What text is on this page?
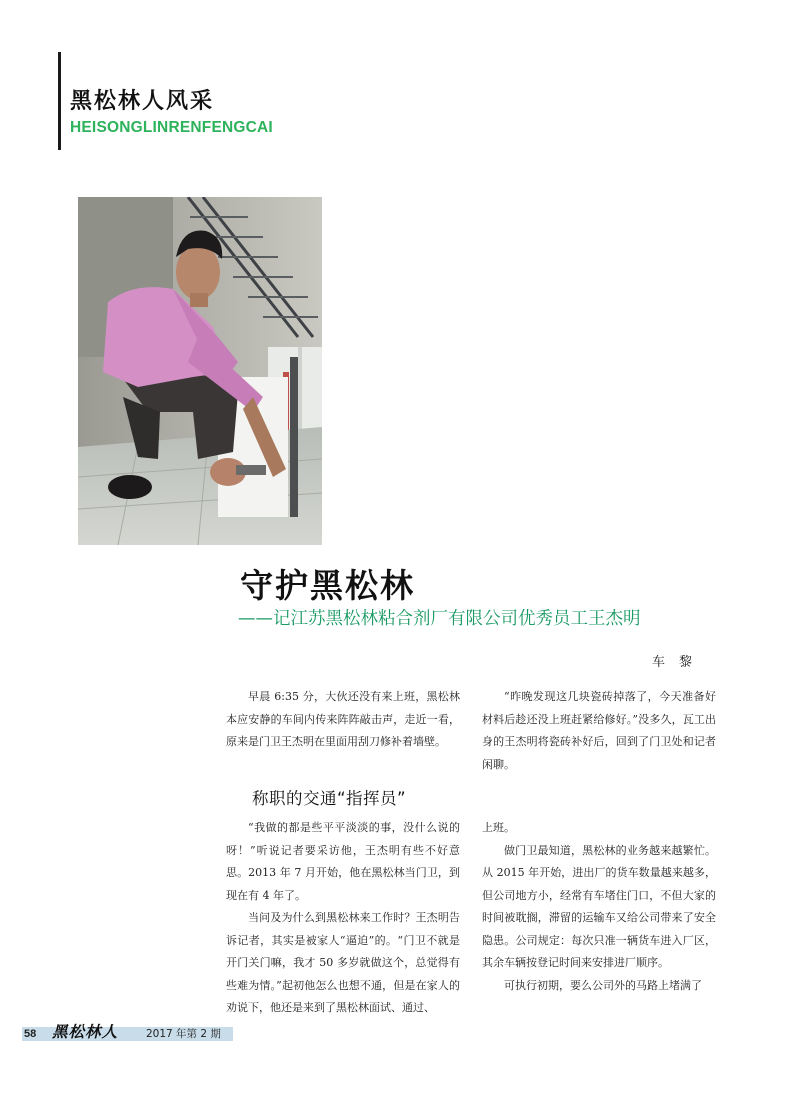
黑松林人风采
HEISONGLINRENFENGCAI
守护黑松林
——记江苏黑松林粘合剂厂有限公司优秀员工王杰明
车黎

早晨 6:35 分，大伙还没有来上班，黑松林本应安静的车间内传来阵阵敲击声，走近一看，原来是门卫王杰明在里面用刮刀修补着墙壁。

“昨晚发现这几块瓷砖掉落了，今天准备好材料后趁还没上班赶紧给修好。”没多久，瓦工出身的王杰明将瓷砖补好后，回到了门卫处和记者闲聊。

称职的交通“指挥员”

“我做的都是些平平淡淡的事，没什么说的呀！”听说记者要采访他，王杰明有些不好意思。2013 年 7 月开始，他在黑松林当门卫，到现在有 4 年了。

当问及为什么到黑松林来工作时？王杰明告诉记者，其实是被家人“逼迫”的。“门卫不就是开门关门嘛，我才 50 多岁就做这个，总觉得有些难为情。”起初他怎么也想不通，但是在家人的劝说下，他还是来到了黑松林面试、通过、

上班。

做门卫最知道，黑松林的业务越来越繁忙。从 2015 年开始，进出厂的货车数量越来越多，但公司地方小，经常有车堵住门口，不但大家的时间被耽搁，滞留的运输车又给公司带来了安全隐患。公司规定：每次只准一辆货车进入厂区，其余车辆按登记时间来安排进厂顺序。

可执行初期，要么公司外的马路上堵满了

58 黑松林人	2017 年第 2 期
